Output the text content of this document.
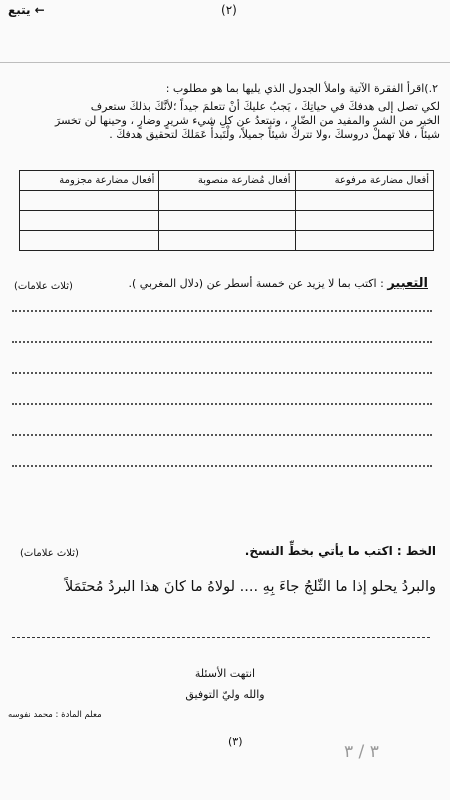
يتبع ←	(٢)
٢.)اقرأ الفقرة الآتية واملأ الجدول الذي يليها بما هو مطلوب :
لكي تصل إلى هدفكَ في حياتِكَ ، يَجبُ عليكَ أنْ تتعلمَ جيداً ؛لأنَّكَ بذلكَ ستعرف
الخير من الشر والمفيد من الضّار ، وتبتعدُ عن كلِ شيء شريرٍ وضارٍ ، وحينها لن تخسرَ
شيئاً ، فلا تهملْ دروسكَ ،ولا تتركْ شيئاً جميلاً، ولْتَبدأْ عَمَلكَ لتحقيق هدفكَ .
أفعال مضارعة مرفوعة	أفعال مُضارعة منصوبة	أفعال مضارعة مجزومة

التعبير : اكتب بما لا يزيد عن خمسة أسطر عن (دلال المغربي ).
(ثلاث علامات)
الخط : اكتب ما يأتي بخطِّ النسخ.
(ثلاث علامات)
والبردُ يحلو إذا ما الثّلجُ جاءَ بِهِ .... لولاهُ ما كانَ هذا البردُ مُحتَمَلاً
انتهت الأسئلة
والله وليّ التوفيق
معلم المادة : محمد نفوسه
(٣)
٣ / ٣
